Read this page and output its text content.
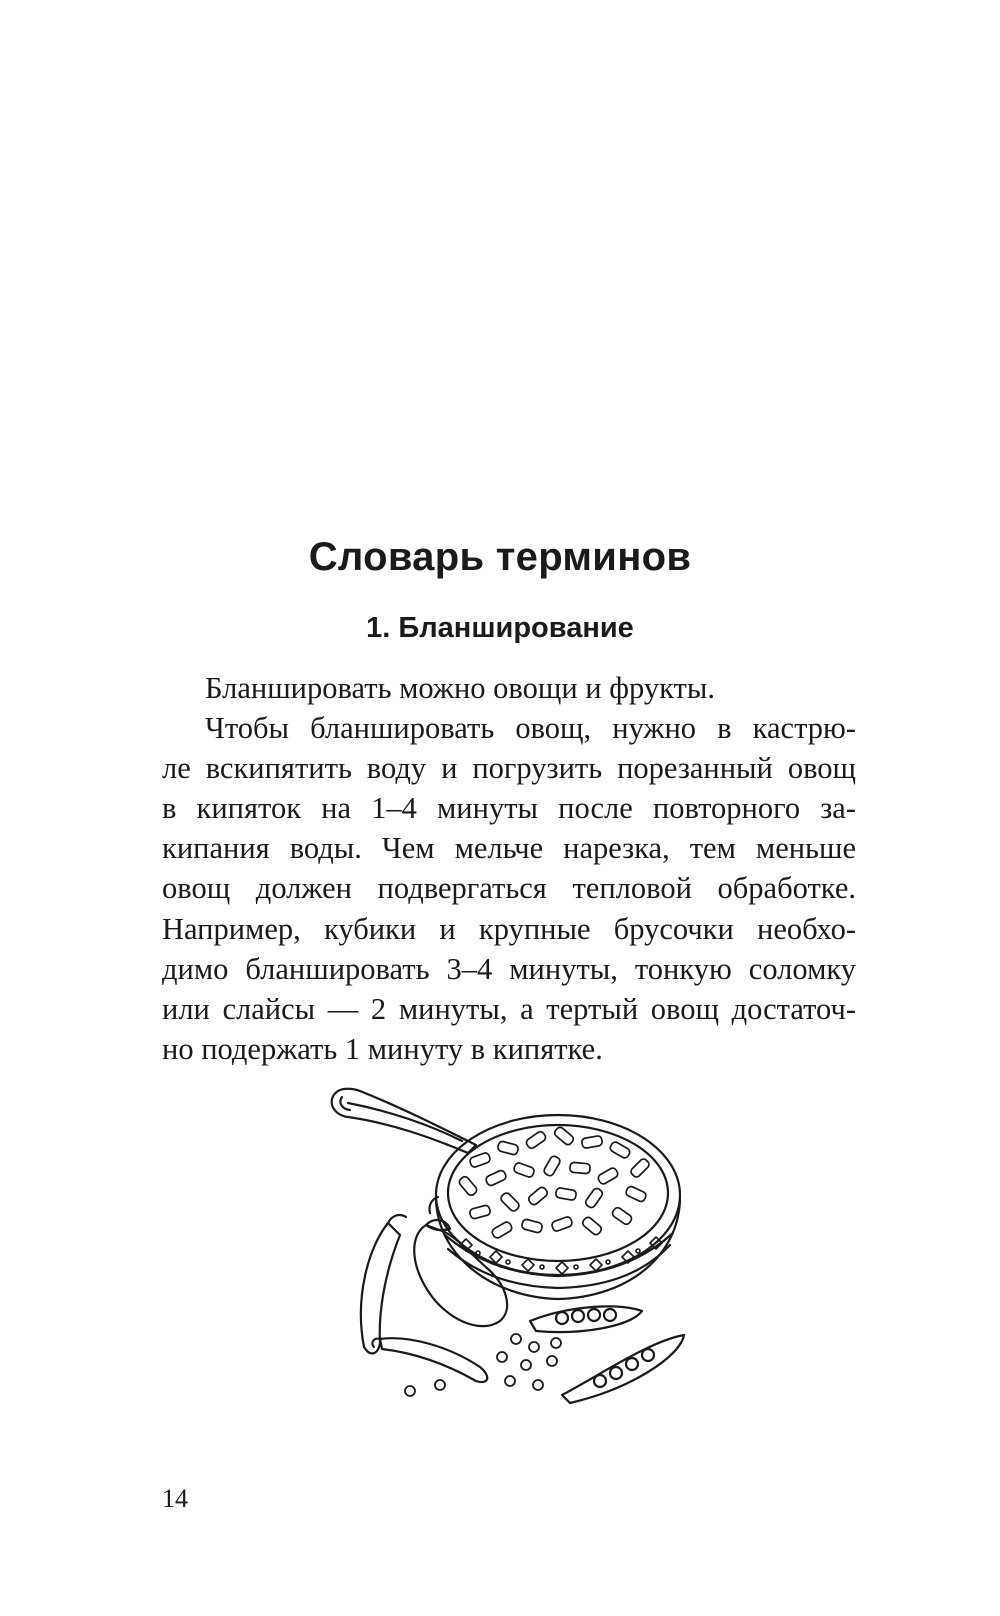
Словарь терминов
1. Бланширование
Бланшировать можно овощи и фрукты.
Чтобы бланшировать овощ, нужно в кастрю-
ле вскипятить воду и погрузить порезанный овощ
в кипяток на 1–4 минуты после повторного за-
кипания воды. Чем мельче нарезка, тем меньше
овощ должен подвергаться тепловой обработке.
Например, кубики и крупные брусочки необхо-
димо бланшировать 3–4 минуты, тонкую соломку
или слайсы — 2 минуты, а тертый овощ достаточ-
но подержать 1 минуту в кипятке.
14
